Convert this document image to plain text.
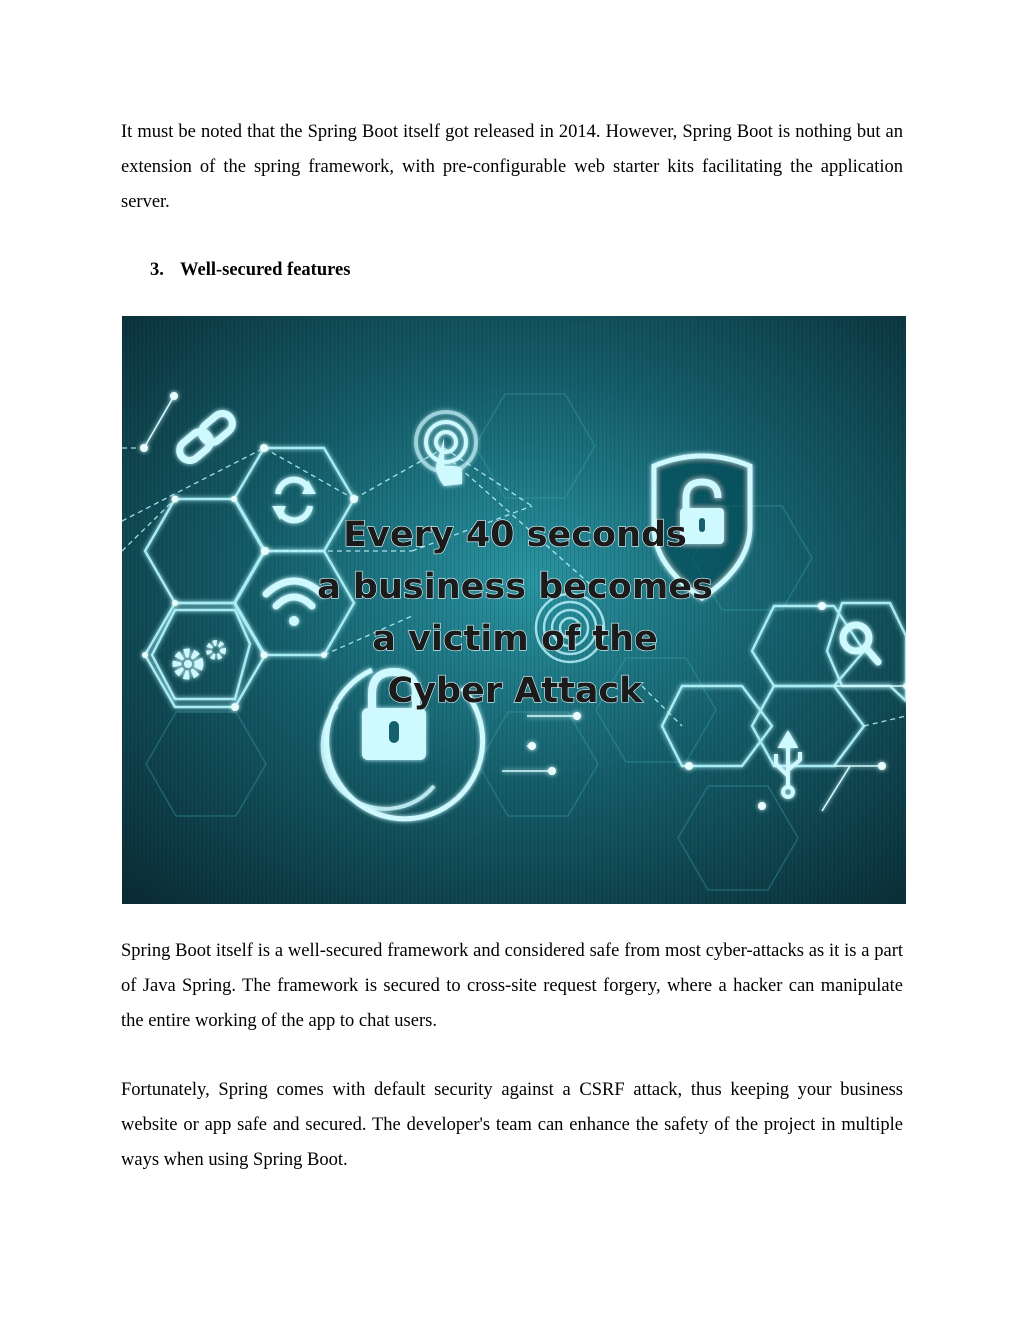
It must be noted that the Spring Boot itself got released in 2014. However, Spring Boot is nothing but an extension of the spring framework, with pre-configurable web starter kits facilitating the application server.

3. Well-secured features
Every 40 seconds
a business becomes
a victim of the
Cyber Attack

Spring Boot itself is a well-secured framework and considered safe from most cyber-attacks as it is a part of Java Spring. The framework is secured to cross-site request forgery, where a hacker can manipulate the entire working of the app to chat users.

Fortunately, Spring comes with default security against a CSRF attack, thus keeping your business website or app safe and secured. The developer's team can enhance the safety of the project in multiple ways when using Spring Boot.
